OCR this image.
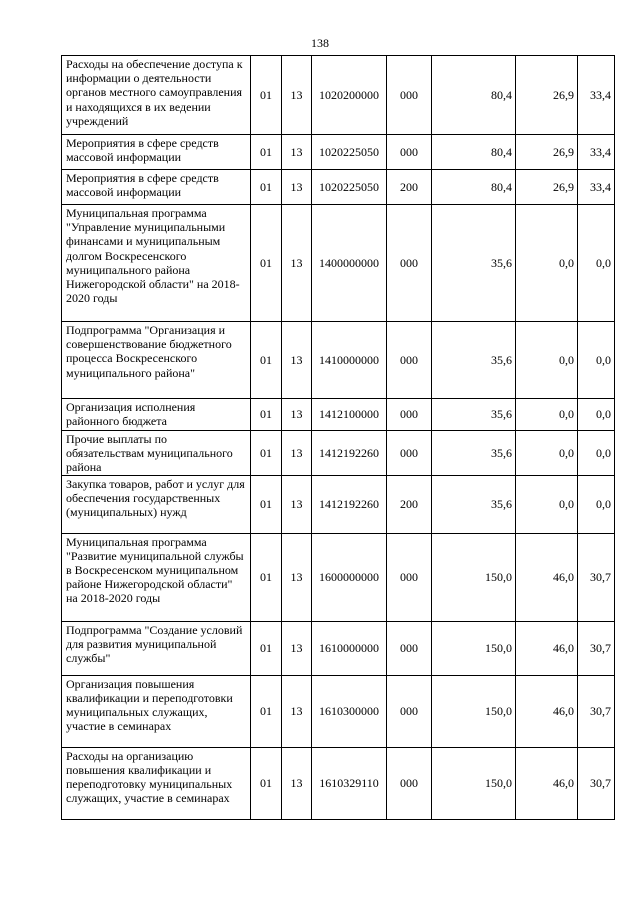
138
Расходы на обеспечение доступа к информации о деятельности органов местного самоуправления и находящихся в их ведении учреждений	01	13	1020200000	000	80,4	26,9	33,4
Мероприятия в сфере средств массовой информации	01	13	1020225050	000	80,4	26,9	33,4
Мероприятия в сфере средств массовой информации	01	13	1020225050	200	80,4	26,9	33,4
Муниципальная программа "Управление муниципальными финансами и муниципальным долгом Воскресенского муниципального района Нижегородской области" на 2018-2020 годы	01	13	1400000000	000	35,6	0,0	0,0
Подпрограмма "Организация и совершенствование бюджетного процесса Воскресенского муниципального района"	01	13	1410000000	000	35,6	0,0	0,0
Организация исполнения районного бюджета	01	13	1412100000	000	35,6	0,0	0,0
Прочие выплаты по обязательствам муниципального района	01	13	1412192260	000	35,6	0,0	0,0
Закупка товаров, работ и услуг для обеспечения государственных (муниципальных) нужд	01	13	1412192260	200	35,6	0,0	0,0
Муниципальная программа "Развитие муниципальной службы в Воскресенском муниципальном районе Нижегородской области" на 2018-2020 годы	01	13	1600000000	000	150,0	46,0	30,7
Подпрограмма "Создание условий для развития муниципальной службы"	01	13	1610000000	000	150,0	46,0	30,7
Организация повышения квалификации и переподготовки муниципальных служащих, участие в семинарах	01	13	1610300000	000	150,0	46,0	30,7
Расходы на организацию повышения квалификации и переподготовку муниципальных служащих, участие в семинарах	01	13	1610329110	000	150,0	46,0	30,7
